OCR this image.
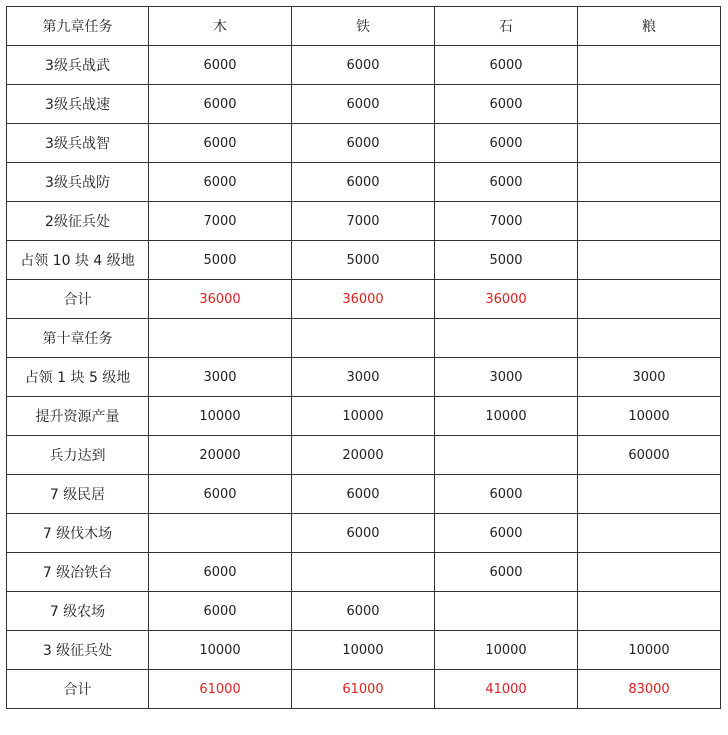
第九章任务	木	铁	石	粮
3级兵战武	6000	6000	6000	
3级兵战速	6000	6000	6000	
3级兵战智	6000	6000	6000	
3级兵战防	6000	6000	6000	
2级征兵处	7000	7000	7000	
占领 10 块 4 级地	5000	5000	5000	
合计	36000	36000	36000	
第十章任务				
占领 1 块 5 级地	3000	3000	3000	3000
提升资源产量	10000	10000	10000	10000
兵力达到	20000	20000		60000
7 级民居	6000	6000	6000	
7 级伐木场		6000	6000	
7 级冶铁台	6000		6000	
7 级农场	6000	6000		
3 级征兵处	10000	10000	10000	10000
合计	61000	61000	41000	83000
